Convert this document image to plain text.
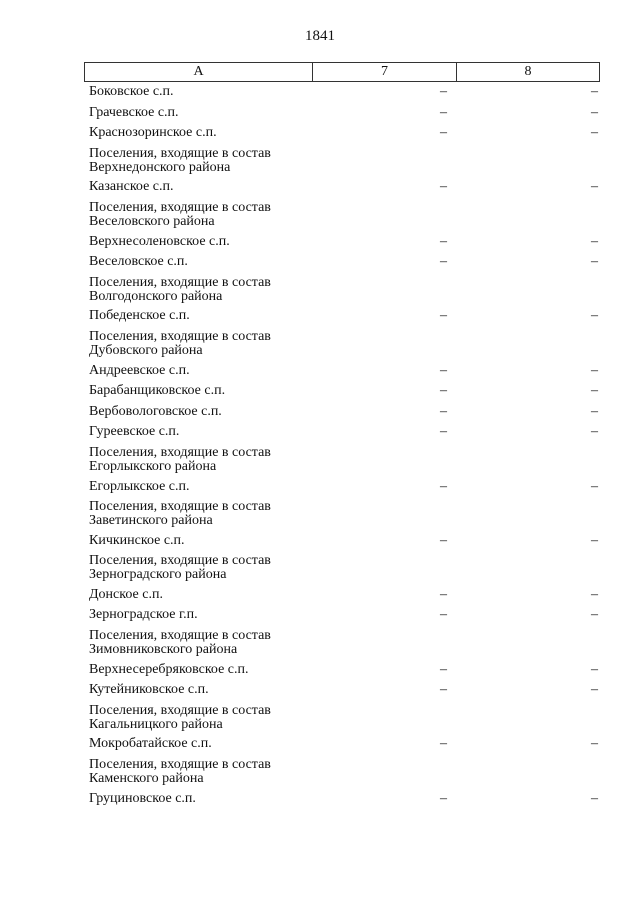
1841
А	7	8
Боковское с.п.	–	–
Грачевское с.п.	–	–
Краснозоринское с.п.	–	–
Поселения, входящие в состав
Верхнедонского района
Казанское с.п.	–	–
Поселения, входящие в состав
Веселовского района
Верхнесоленовское с.п.	–	–
Веселовское с.п.	–	–
Поселения, входящие в состав
Волгодонского района
Победенское с.п.	–	–
Поселения, входящие в состав
Дубовского района
Андреевское с.п.	–	–
Барабанщиковское с.п.	–	–
Вербовологовское с.п.	–	–
Гуреевское с.п.	–	–
Поселения, входящие в состав
Егорлыкского района
Егорлыкское с.п.	–	–
Поселения, входящие в состав
Заветинского района
Кичкинское с.п.	–	–
Поселения, входящие в состав
Зерноградского района
Донское с.п.	–	–
Зерноградское г.п.	–	–
Поселения, входящие в состав
Зимовниковского района
Верхнесеребряковское с.п.	–	–
Кутейниковское с.п.	–	–
Поселения, входящие в состав
Кагальницкого района
Мокробатайское с.п.	–	–
Поселения, входящие в состав
Каменского района
Груциновское с.п.	–	–
